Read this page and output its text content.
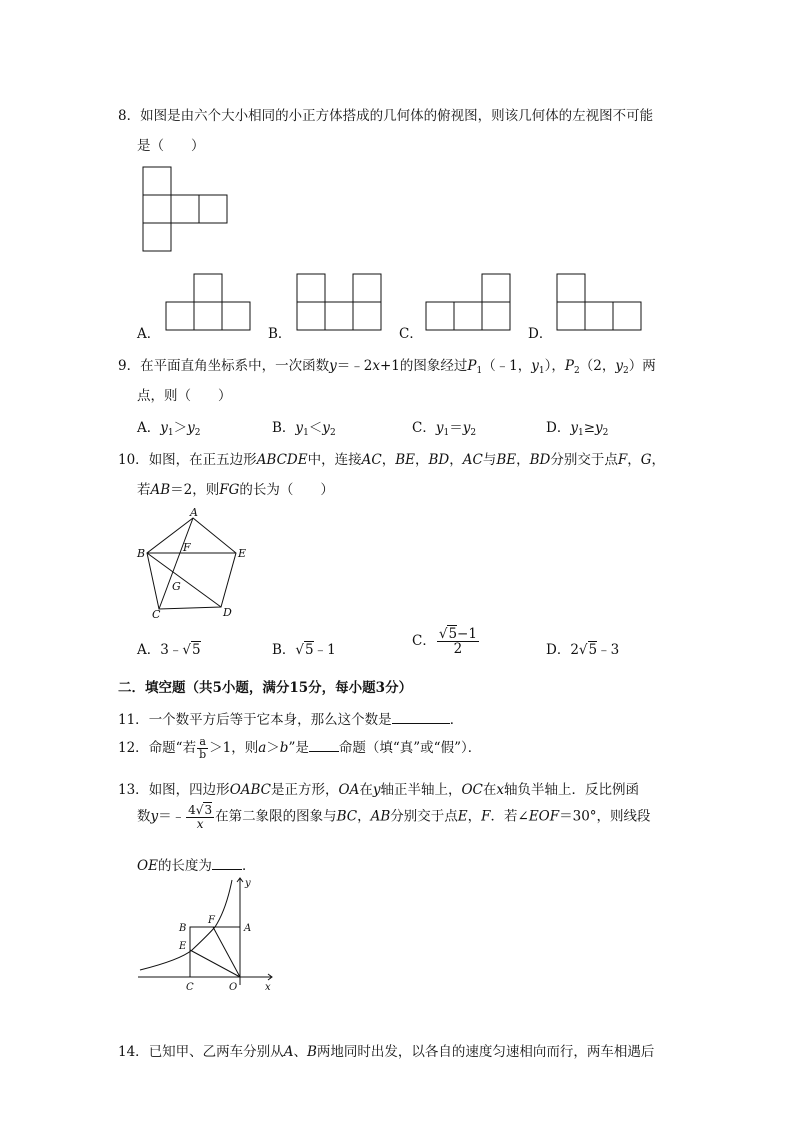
8．如图是由六个大小相同的小正方体搭成的几何体的俯视图，则该几何体的左视图不可能
是（　　）
A．	B．	C．	D．
9．在平面直角坐标系中，一次函数y＝﹣2x+1的图象经过$P_1(﹣1$，$y_1$），$P_2(2$，$y_2$）两
点，则（　　）
A．$y_1>y_2$	B．$y_1<y_2$	C．$y_1=y_2$	D．$y_1\ge y_2$
10．如图，在正五边形ABCDE中，连接AC，BE，BD，AC与BE，BD分别交于点F，G，
若AB＝2，则FG的长为（　　）
A
B
C	D
E
F
G
A．3﹣√5	B．√5﹣1
C． $\frac{√5-1}{2}$	D．2√5﹣3
二．填空题（共5小题，满分15分，每小题3分）
11．一个数平方后等于它本身，那么这个数是	．
12．命题“若 $\frac{a}{b} >1$，则a＞b”是 命题（填“真”或“假”）．
13．如图，四边形OABC是正方形，OA在y轴正半轴上，OC在x轴负半轴上．反比例函
数y＝﹣ $\frac{4√3}{x}$ 在第二象限的图象与BC，AB分别交于点E，F．若∠EOF＝30°，则线段
OE的长度为 ．
B
F
A
E
C	O	x
y
14．已知甲、乙两车分别从A、B两地同时出发，以各自的速度匀速相向而行，两车相遇后
